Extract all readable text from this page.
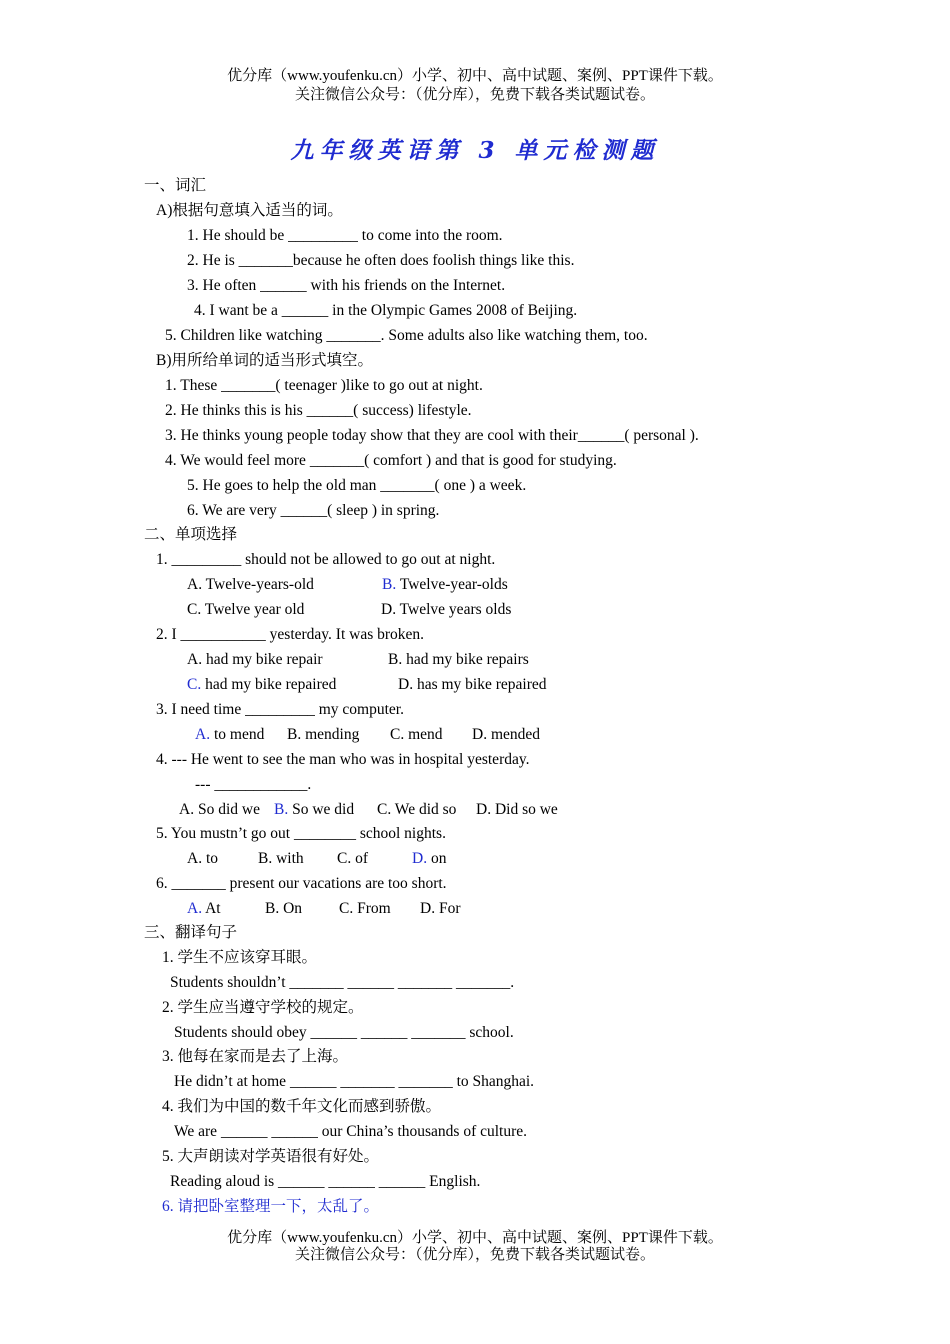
优分库（www.youfenku.cn）小学、初中、高中试题、案例、PPT课件下载。
关注微信公众号：（优分库），免费下载各类试题试卷。
九年级英语第 3 单元检测题
一、词汇
A)根据句意填入适当的词。
1. He should be _________ to come into the room.
2. He is _______because he often does foolish things like this.
3. He often ______ with his friends on the Internet.
4. I want be a ______ in the Olympic Games 2008 of Beijing.
5. Children like watching _______. Some adults also like watching them, too.
B)用所给单词的适当形式填空。
1. These _______( teenager )like to go out at night.
2. He thinks this is his ______( success) lifestyle.
3. He thinks young people today show that they are cool with their______( personal ).
4. We would feel more _______( comfort ) and that is good for studying.
5. He goes to help the old man _______( one ) a week.
6. We are very ______( sleep ) in spring.
二、单项选择
1. _________ should not be allowed to go out at night.
A. Twelve-years-old	B. Twelve-year-olds
C. Twelve year old	D. Twelve years olds
2. I ___________ yesterday. It was broken.
A. had my bike repair	B. had my bike repairs
C. had my bike repaired	D. has my bike repaired
3. I need time _________ my computer.
A. to mend B. mending C. mend D. mended
4. --- He went to see the man who was in hospital yesterday.
--- ____________.
A. So did we B. So we did C. We did so D. Did so we
5. You mustn’t go out ________ school nights.
A. to	B. with C. of	D. on
6. _______ present our vacations are too short.
A. At	B. On C. From D. For
三、翻译句子
1. 学生不应该穿耳眼。
Students shouldn’t _______ ______ _______ _______.
2. 学生应当遵守学校的规定。
Students should obey ______ ______ _______ school.
3. 他每在家而是去了上海。
He didn’t at home ______ _______ _______ to Shanghai.
4. 我们为中国的数千年文化而感到骄傲。
We are ______ ______ our China’s thousands of culture.
5. 大声朗读对学英语很有好处。
Reading aloud is ______ ______ ______ English.
6. 请把卧室整理一下，太乱了。
优分库（www.youfenku.cn）小学、初中、高中试题、案例、PPT课件下载。
关注微信公众号：（优分库），免费下载各类试题试卷。
